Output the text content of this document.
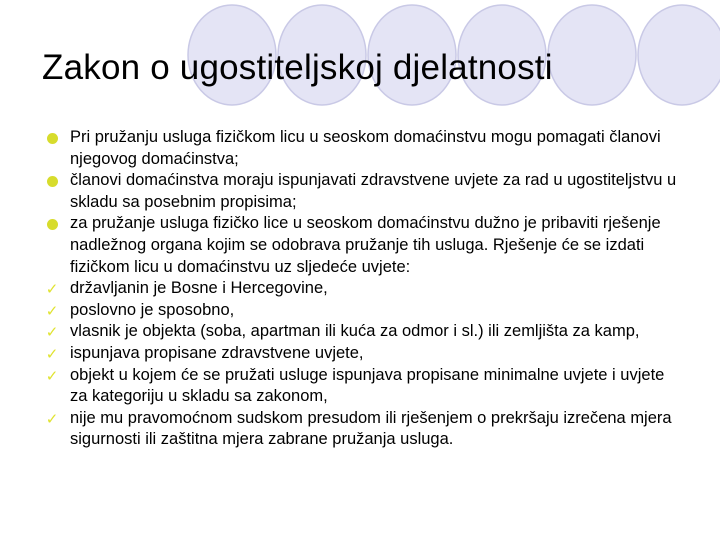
Zakon o ugostiteljskoj djelatnosti
Pri pružanju usluga fizičkom licu u seoskom domaćinstvu mogu pomagati članovi njegovog domaćinstva;
članovi domaćinstva moraju ispunjavati zdravstvene uvjete za rad u ugostiteljstvu u skladu sa posebnim propisima;
za pružanje usluga fizičko lice u seoskom domaćinstvu dužno je pribaviti rješenje nadležnog organa kojim se odobrava pružanje tih usluga. Rješenje će se izdati fizičkom licu u domaćinstvu uz sljedeće uvjete:
✓ državljanin je Bosne i Hercegovine,
✓ poslovno je sposobno,
✓ vlasnik je objekta (soba, apartman ili kuća za odmor i sl.) ili zemljišta za kamp,
✓ ispunjava propisane zdravstvene uvjete,
✓ objekt u kojem će se pružati usluge ispunjava propisane minimalne uvjete i uvjete za kategoriju u skladu sa zakonom,
✓ nije mu pravomoćnom sudskom presudom ili rješenjem o prekršaju izrečena mjera sigurnosti ili zaštitna mjera zabrane pružanja usluga.
